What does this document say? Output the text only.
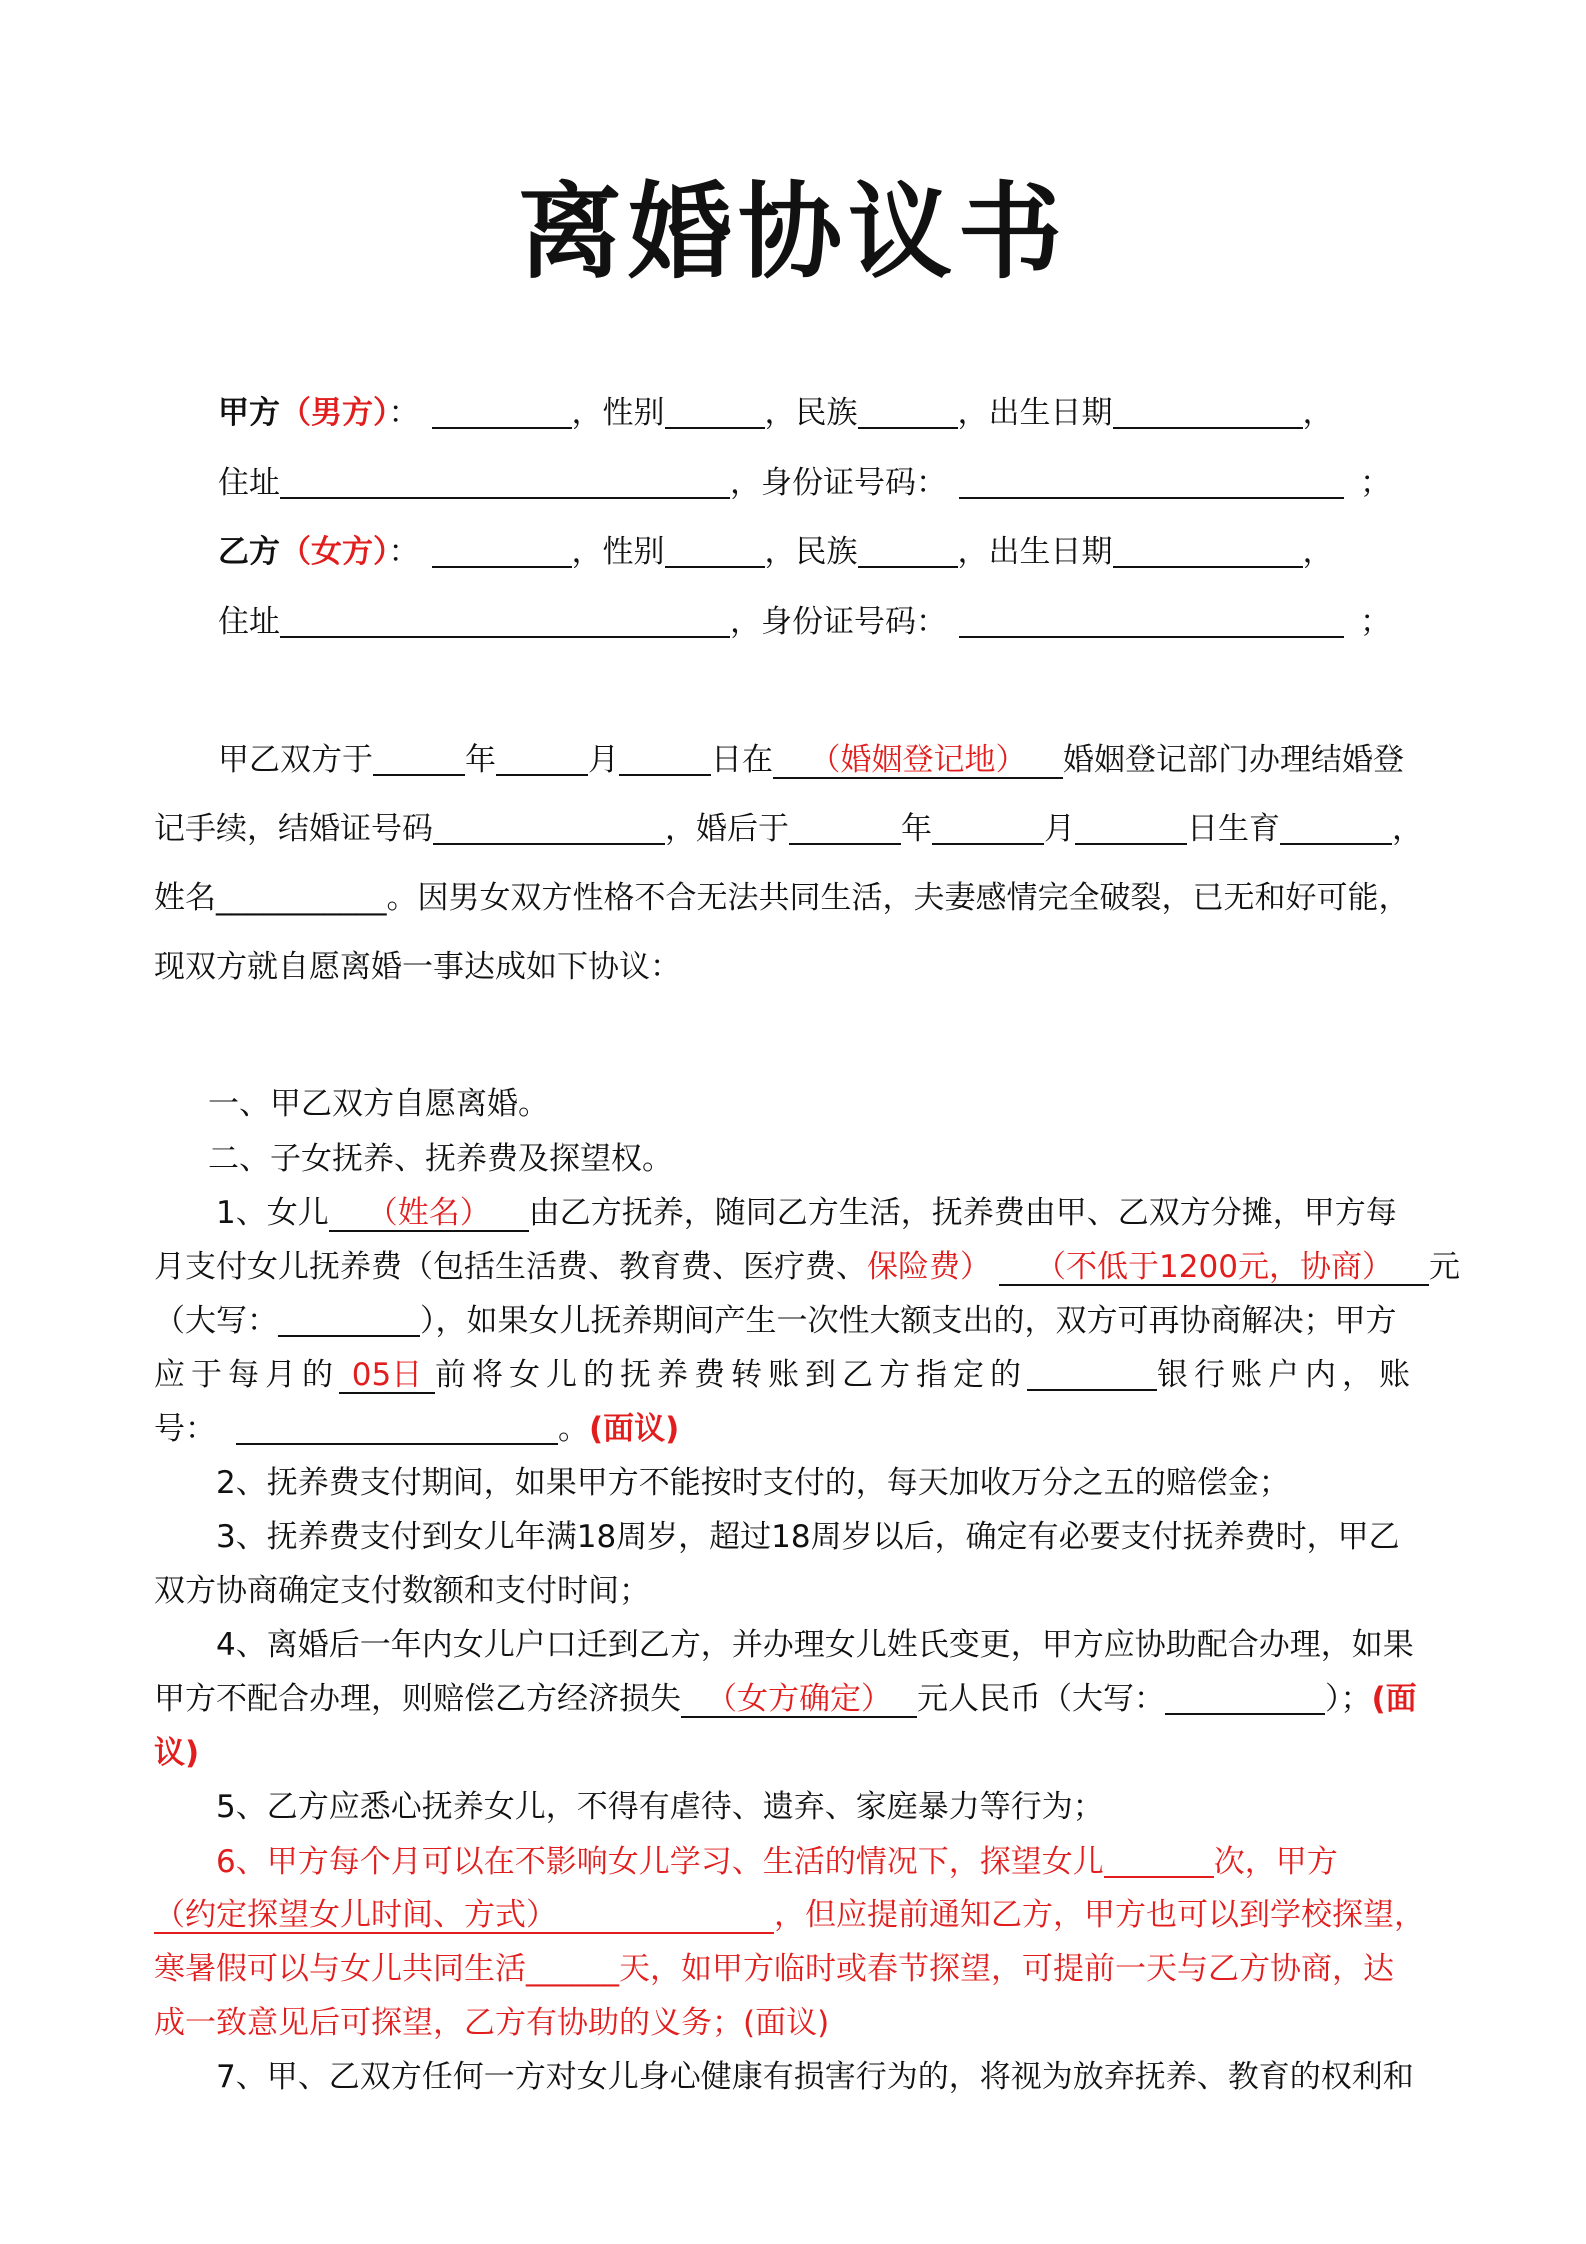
离婚协议书
甲方（男方）：	，性别	，民族	，出生日期	，
住址	，身份证号码：	；
乙方（女方）：	，性别	，民族	，出生日期	，
住址	，身份证号码：	；
甲乙双方于	年	月	日在 （婚姻登记地） 婚姻登记部门办理结婚登
记手续，结婚证号码	，婚后于	年	月	日生育	，
姓名___________。因男女双方性格不合无法共同生活，夫妻感情完全破裂，已无和好可能，
现双方就自愿离婚一事达成如下协议：
一、甲乙双方自愿离婚。
二、子女抚养、抚养费及探望权。
1、女儿 （姓名） 由乙方抚养，随同乙方生活，抚养费由甲、乙双方分摊，甲方每
月支付女儿抚养费（包括生活费、教育费、医疗费、保险费） （不低于1200元，协商） 元
（大写：	），如果女儿抚养期间产生一次性大额支出的，双方可再协商解决；甲方
应于每月的 05日 前将女儿的抚养费转账到乙方指定的	银行账户内，账
号：	。(面议)
2、抚养费支付期间，如果甲方不能按时支付的，每天加收万分之五的赔偿金；
3、抚养费支付到女儿年满18周岁，超过18周岁以后，确定有必要支付抚养费时，甲乙
双方协商确定支付数额和支付时间；
4、离婚后一年内女儿户口迁到乙方，并办理女儿姓氏变更，甲方应协助配合办理，如果
甲方不配合办理，则赔偿乙方经济损失 （女方确定） 元人民币（大写：	）；(面
议)
5、乙方应悉心抚养女儿，不得有虐待、遗弃、家庭暴力等行为；
6、甲方每个月可以在不影响女儿学习、生活的情况下，探望女儿	次，甲方
（约定探望女儿时间、方式）	，但应提前通知乙方，甲方也可以到学校探望，
寒暑假可以与女儿共同生活______天，如甲方临时或春节探望，可提前一天与乙方协商，达
成一致意见后可探望，乙方有协助的义务；(面议)
7、甲、乙双方任何一方对女儿身心健康有损害行为的，将视为放弃抚养、教育的权利和
